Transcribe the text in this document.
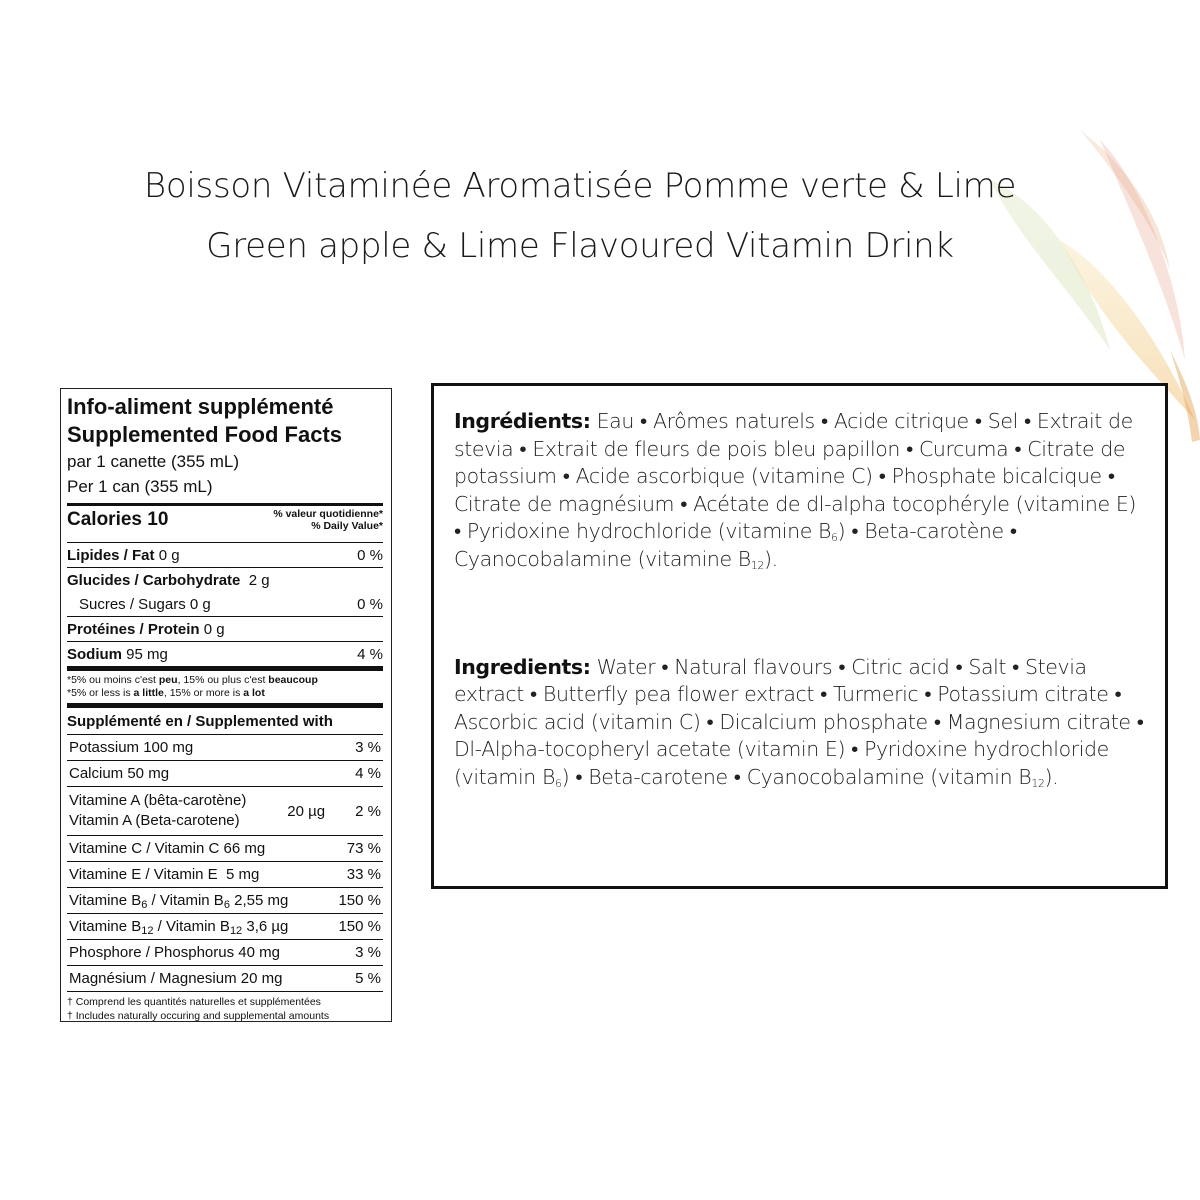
Boisson Vitaminée Aromatisée Pomme verte & Lime
Green apple & Lime Flavoured Vitamin Drink
Info-aliment supplémenté
Supplemented Food Facts
par 1 canette (355 mL)
Per 1 can (355 mL)
Calories 10	% valeur quotidienne*
% Daily Value*
Lipides / Fat 0 g	0 %
Glucides / Carbohydrate 2 g
Sucres / Sugars 0 g	0 %
Protéines / Protein 0 g
Sodium 95 mg	4 %
*5% ou moins c'est peu, 15% ou plus c'est beaucoup
*5% or less is a little, 15% or more is a lot
Supplémenté en / Supplemented with
Potassium 100 mg	3 %
Calcium 50 mg	4 %
Vitamine A (bêta-carotène)
Vitamin A (Beta-carotene)
20 µg 2 %
Vitamine C / Vitamin C 66 mg	73 %
Vitamine E / Vitamin E  5 mg	33 %
Vitamine $B_6$ / Vitamin $B_6$ 2,55 mg	150 %
Vitamine $B_{12}$ / Vitamin $B_{12}$ 3,6 µg	150 %
Phosphore / Phosphorus 40 mg	3 %
Magnésium / Magnesium 20 mg	5 %
† Comprend les quantités naturelles et supplémentées
† Includes naturally occuring and supplemental amounts

Ingrédients: Eau • Arômes naturels • Acide citrique • Sel • Extrait de stevia • Extrait de fleurs de pois bleu papillon • Curcuma • Citrate de potassium • Acide ascorbique (vitamine C) • Phosphate bicalcique • Citrate de magnésium • Acétate de dl-alpha tocophéryle (vitamine E) • Pyridoxine hydrochloride (vitamine $B_6$) • Beta-carotène • Cyanocobalamine (vitamine $B_{12}$).

Ingredients: Water • Natural flavours • Citric acid • Salt • Stevia extract • Butterfly pea flower extract • Turmeric • Potassium citrate • Ascorbic acid (vitamin C) • Dicalcium phosphate • Magnesium citrate • Dl-Alpha-tocopheryl acetate (vitamin E) • Pyridoxine hydrochloride (vitamin $B_6$) • Beta-carotene • Cyanocobalamine (vitamin $B_{12}$).
